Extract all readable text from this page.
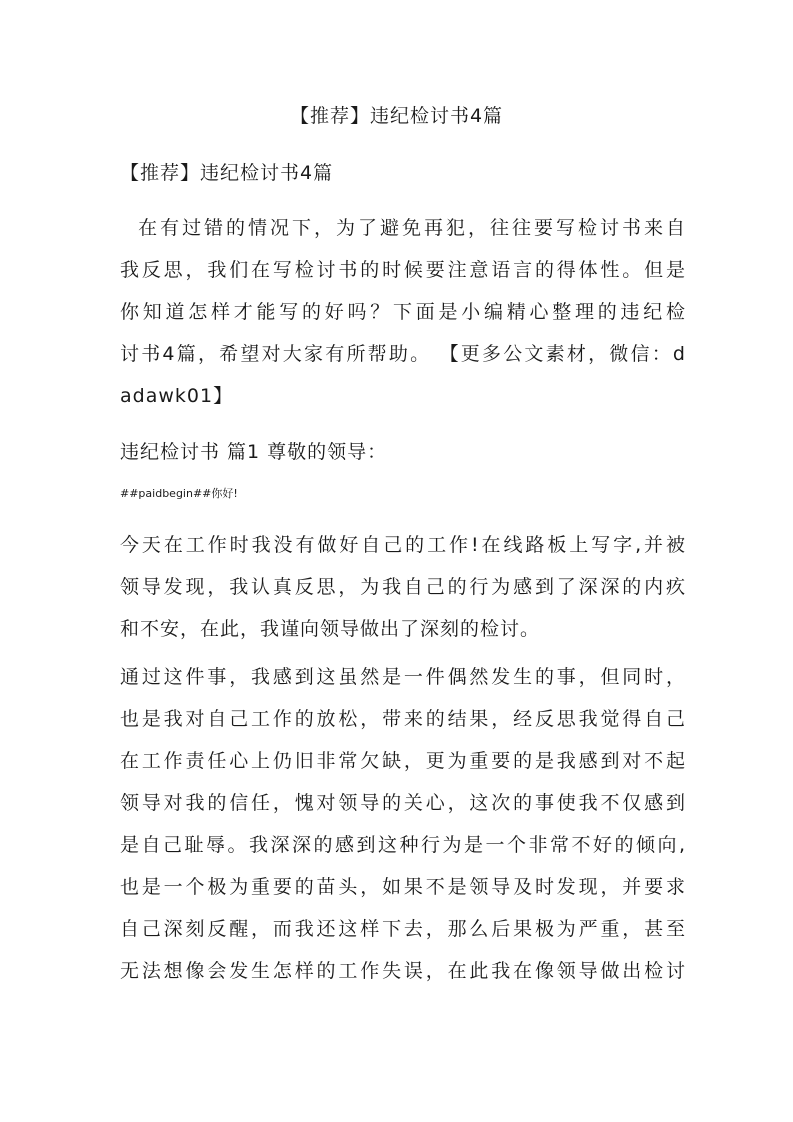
【推荐】违纪检讨书4篇
【推荐】违纪检讨书4篇
在有过错的情况下，为了避免再犯，往往要写检讨书来自
我反思，我们在写检讨书的时候要注意语言的得体性。但是
你知道怎样才能写的好吗？下面是小编精心整理的违纪检
讨书4篇，希望对大家有所帮助。 【更多公文素材，微信：d
adawk01】
违纪检讨书 篇1 尊敬的领导：
##paidbegin##你好!
今天在工作时我没有做好自己的工作!在线路板上写字,并被
领导发现，我认真反思，为我自己的行为感到了深深的内疚
和不安，在此，我谨向领导做出了深刻的检讨。
通过这件事，我感到这虽然是一件偶然发生的事，但同时，
也是我对自己工作的放松，带来的结果，经反思我觉得自己
在工作责任心上仍旧非常欠缺，更为重要的是我感到对不起
领导对我的信任，愧对领导的关心，这次的事使我不仅感到
是自己耻辱。我深深的感到这种行为是一个非常不好的倾向,
也是一个极为重要的苗头，如果不是领导及时发现，并要求
自己深刻反醒，而我还这样下去，那么后果极为严重，甚至
无法想像会发生怎样的工作失误，在此我在像领导做出检讨
